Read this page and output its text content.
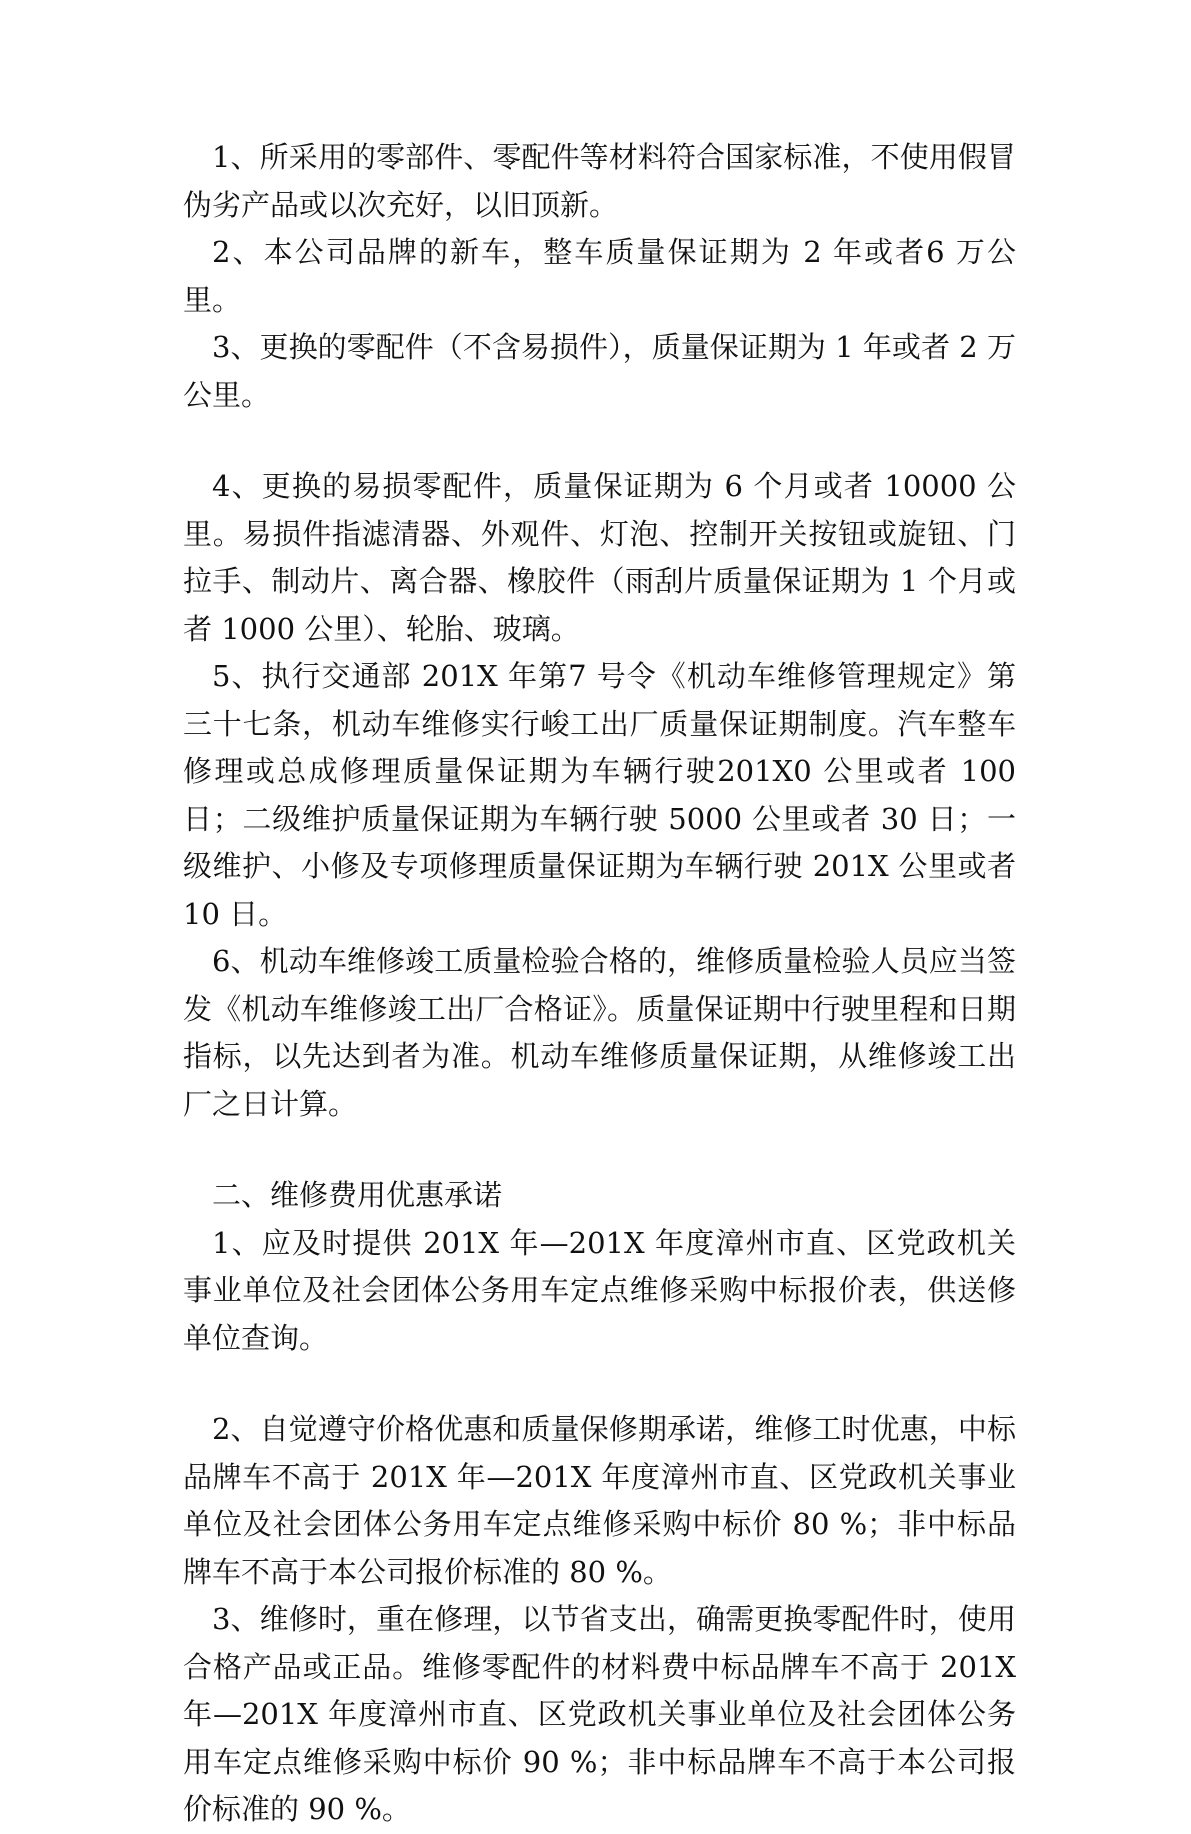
1、所采用的零部件、零配件等材料符合国家标准，不使用假冒伪劣产品或以次充好，以旧顶新。

2、本公司品牌的新车，整车质量保证期为 2 年或者6 万公里。

3、更换的零配件（不含易损件），质量保证期为 1 年或者 2 万公里。

4、更换的易损零配件，质量保证期为 6 个月或者 10000 公里。易损件指滤清器、外观件、灯泡、控制开关按钮或旋钮、门拉手、制动片、离合器、橡胶件（雨刮片质量保证期为 1 个月或者 1000 公里）、轮胎、玻璃。

5、执行交通部 201X 年第7 号令《机动车维修管理规定》第三十七条，机动车维修实行峻工出厂质量保证期制度。汽车整车修理或总成修理质量保证期为车辆行驶201X0 公里或者 100 日；二级维护质量保证期为车辆行驶 5000 公里或者 30 日；一级维护、小修及专项修理质量保证期为车辆行驶 201X 公里或者10 日。

6、机动车维修竣工质量检验合格的，维修质量检验人员应当签发《机动车维修竣工出厂合格证》。质量保证期中行驶里程和日期指标，以先达到者为准。机动车维修质量保证期，从维修竣工出厂之日计算。

二、维修费用优惠承诺

1、应及时提供 201X 年—201X 年度漳州市直、区党政机关事业单位及社会团体公务用车定点维修采购中标报价表，供送修单位查询。

2、自觉遵守价格优惠和质量保修期承诺，维修工时优惠，中标品牌车不高于 201X 年—201X 年度漳州市直、区党政机关事业单位及社会团体公务用车定点维修采购中标价 80 %；非中标品牌车不高于本公司报价标准的 80 %。

3、维修时，重在修理，以节省支出，确需更换零配件时，使用合格产品或正品。维修零配件的材料费中标品牌车不高于 201X 年—201X 年度漳州市直、区党政机关事业单位及社会团体公务用车定点维修采购中标价 90 %；非中标品牌车不高于本公司报价标准的 90 %。
